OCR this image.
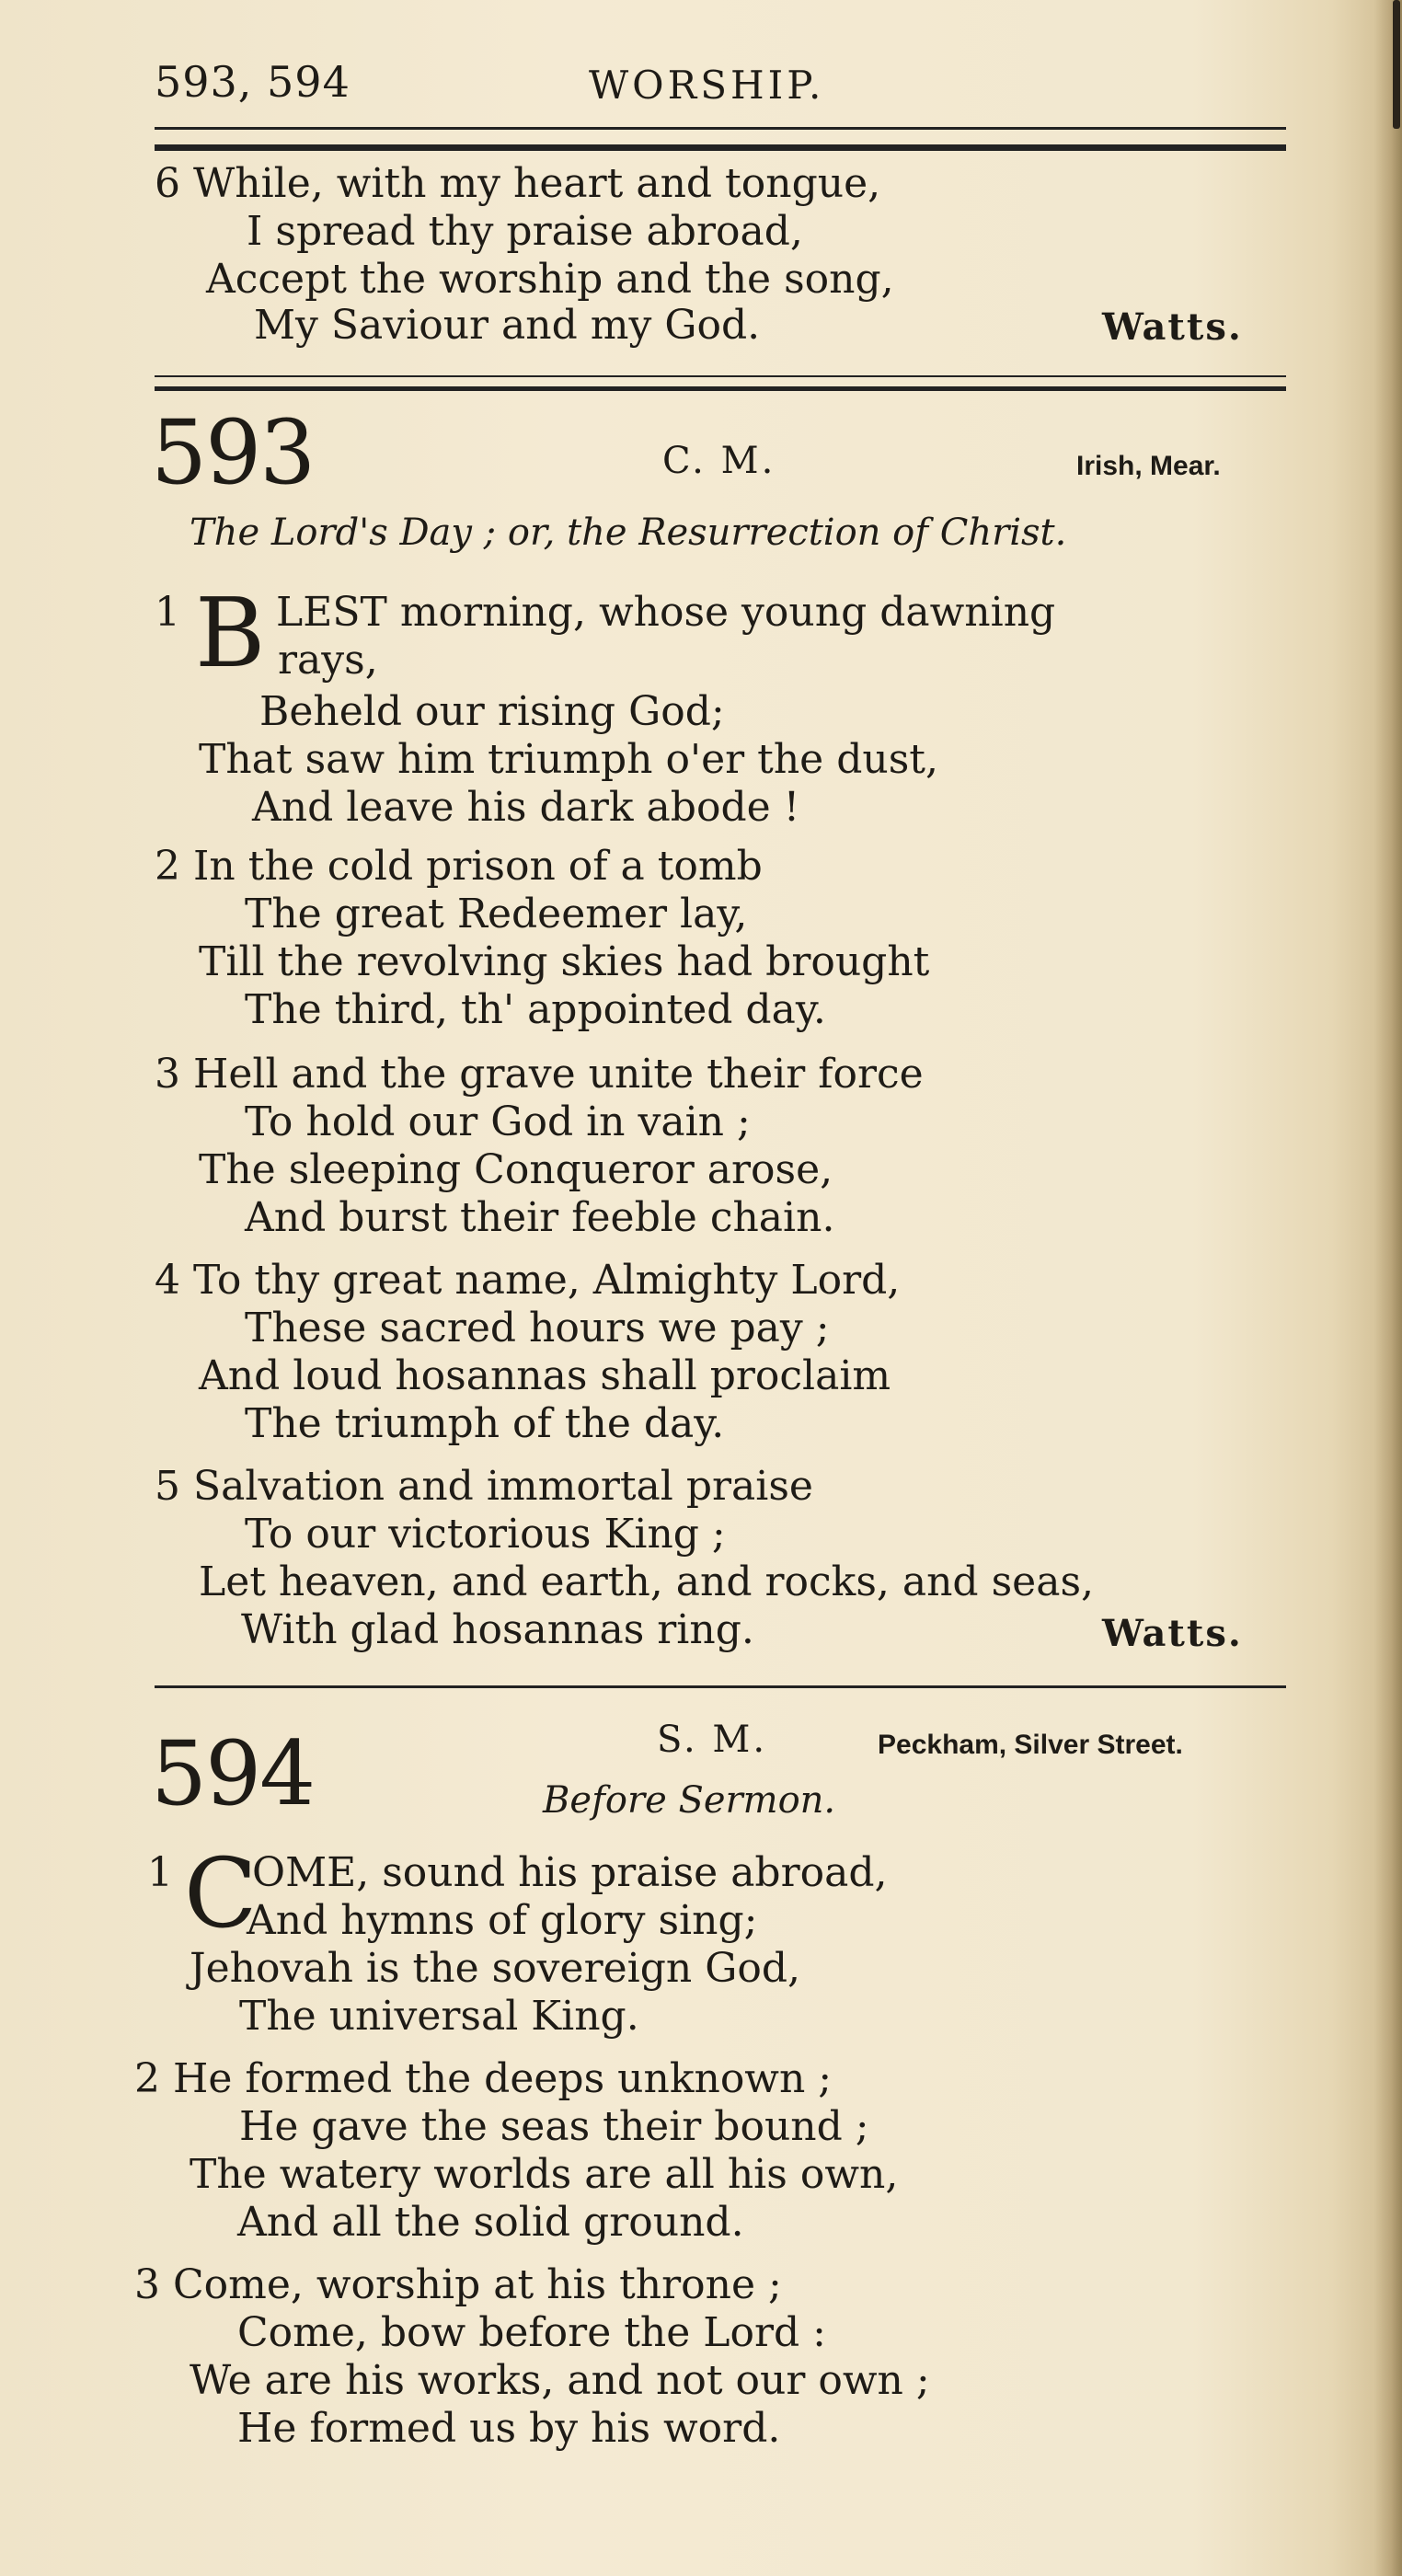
593, 594	WORSHIP.
6 While, with my heart and tongue,
I spread thy praise abroad,
Accept the worship and the song,
My Saviour and my God.	Watts.
593	C. M.	Irish, Mear.
The Lord's Day ; or, the Resurrection of Christ.
1 B LEST morning, whose young dawning
rays,
Beheld our rising God;
That saw him triumph o'er the dust,
And leave his dark abode !
2 In the cold prison of a tomb
The great Redeemer lay,
Till the revolving skies had brought
The third, th' appointed day.
3 Hell and the grave unite their force
To hold our God in vain ;
The sleeping Conqueror arose,
And burst their feeble chain.
4 To thy great name, Almighty Lord,
These sacred hours we pay ;
And loud hosannas shall proclaim
The triumph of the day.
5 Salvation and immortal praise
To our victorious King ;
Let heaven, and earth, and rocks, and seas,
With glad hosannas ring.	Watts.
594	S. M.	Peckham, Silver Street.
Before Sermon.
1 C
OME, sound his praise abroad,
And hymns of glory sing;
Jehovah is the sovereign God,
The universal King.
2 He formed the deeps unknown ;
He gave the seas their bound ;
The watery worlds are all his own,
And all the solid ground.
3 Come, worship at his throne ;
Come, bow before the Lord :
We are his works, and not our own ;
He formed us by his word.
